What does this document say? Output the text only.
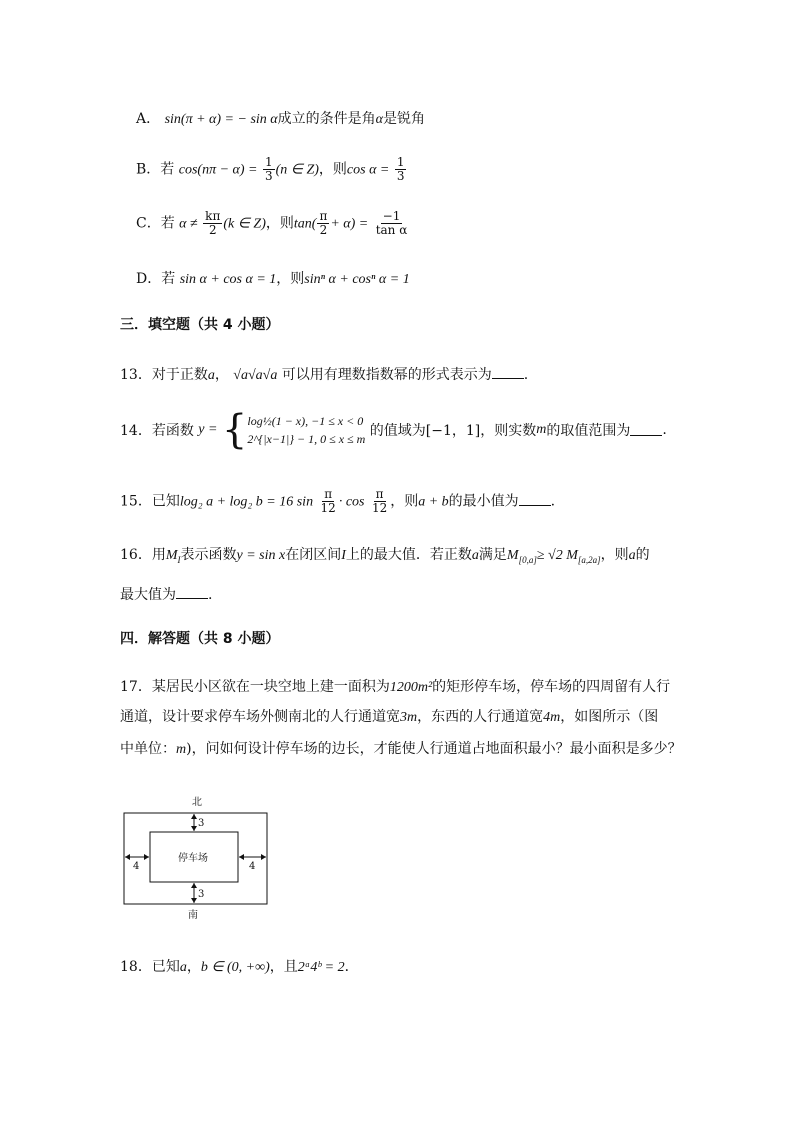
A． sin(π + α) = − sin α成立的条件是角α是锐角
B．若 $\cos(n\pi - \alpha) = \frac{1}{3} (n$ ∈ Z)，则$\cos \alpha = \frac{1}{3}$
C．若 $\alpha \ne \frac{k\pi}{2} (k$ ∈ Z)，则$\tan( \frac{\pi}{2} + \alpha) = \frac{-1}{\text{tan α}}$
D．若 sin α + cos α = 1，则sinⁿ α + cosⁿ α = 1
三．填空题（共 4 小题）
13．对于正数a， √a√a√a 可以用有理数指数幂的形式表示为 .
14．若函数 y = { log½(1 − x), −1 ≤ x < 0
2^{|x−1|} − 1, 0 ≤ x ≤ m 的值域为[−1，1]，则实数m的取值范围为 .
15．已知log₂ a + log₂ b = 16 $\sin \frac{\pi}{12} \cdot \cos \frac{\pi}{12}$ ，则a + b的最小值为 .
16．用$M_I$表示函数y = sin x在闭区间I上的最大值．若正数a满足$M_{[0,a]}\ge √2$ $M_{[a,2a]}$，则a的
最大值为 .
四．解答题（共 8 小题）
17．某居民小区欲在一块空地上建一面积为1200m²的矩形停车场，停车场的四周留有人行
通道，设计要求停车场外侧南北的人行通道宽3m，东西的人行通道宽4m，如图所示（图
中单位：m)，问如何设计停车场的边长，才能使人行通道占地面积最小？最小面积是多少？
北
停车场
3
3
4	4
南
18．已知a，b ∈ (0, +∞)，且2ᵃ4ᵇ = 2．
